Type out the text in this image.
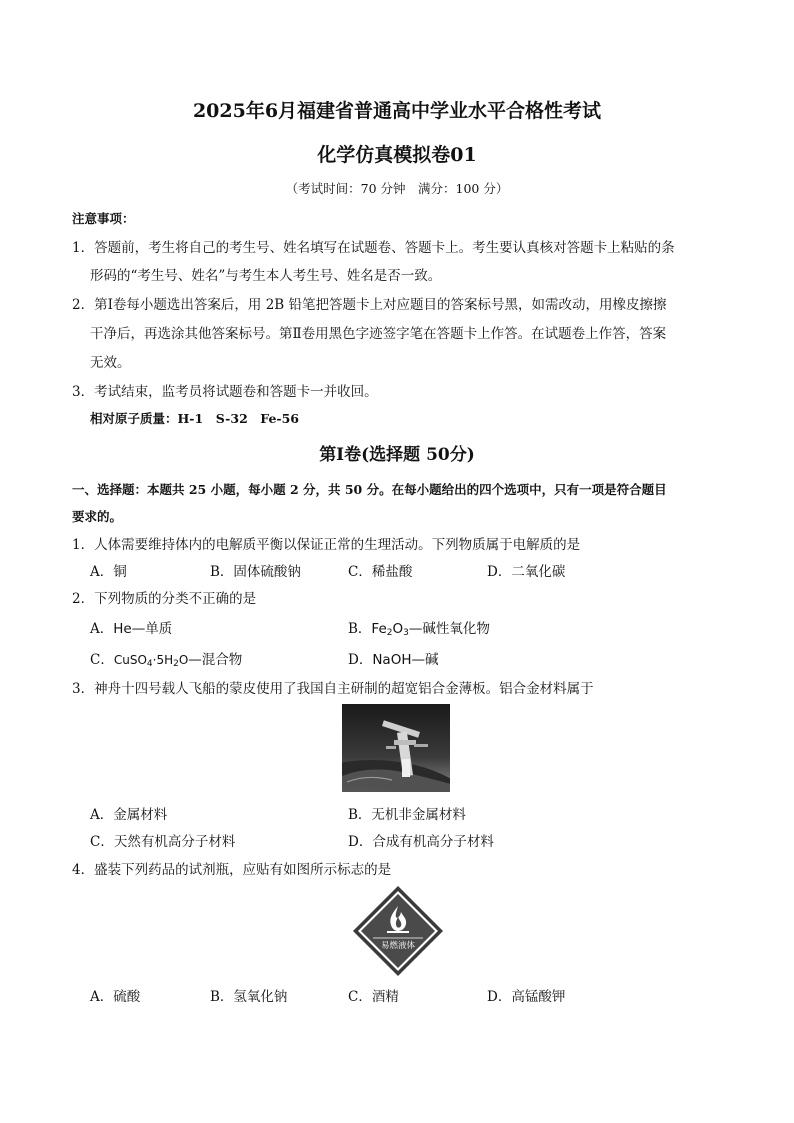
2025年6月福建省普通高中学业水平合格性考试
化学仿真模拟卷01
（考试时间：70 分钟　满分：100 分）
注意事项：
1．答题前，考生将自己的考生号、姓名填写在试题卷、答题卡上。考生要认真核对答题卡上粘贴的条
形码的“考生号、姓名”与考生本人考生号、姓名是否一致。
2．第Ⅰ卷每小题选出答案后，用 2B 铅笔把答题卡上对应题目的答案标号黑，如需改动，用橡皮擦擦
干净后，再选涂其他答案标号。第Ⅱ卷用黑色字迹签字笔在答题卡上作答。在试题卷上作答，答案
无效。
3．考试结束，监考员将试题卷和答题卡一并收回。
相对原子质量：H-1　S-32　Fe-56
第Ⅰ卷(选择题 50分)
一、选择题：本题共 25 小题，每小题 2 分，共 50 分。在每小题给出的四个选项中，只有一项是符合题目
要求的。
1．人体需要维持体内的电解质平衡以保证正常的生理活动。下列物质属于电解质的是
A．铜	B．固体硫酸钠	C．稀盐酸	D．二氧化碳
2．下列物质的分类不正确的是
A．He—单质	B．$Fe_2O_3—$碱性氧化物
C．$CuSO_4\cdot 5H_2O—$混合物	D．NaOH—碱
3．神舟十四号载人飞船的蒙皮使用了我国自主研制的超宽铝合金薄板。铝合金材料属于
A．金属材料	B．无机非金属材料
C．天然有机高分子材料	D．合成有机高分子材料
4．盛装下列药品的试剂瓶，应贴有如图所示标志的是
易燃液体
A．硫酸	B．氢氧化钠	C．酒精	D．高锰酸钾
